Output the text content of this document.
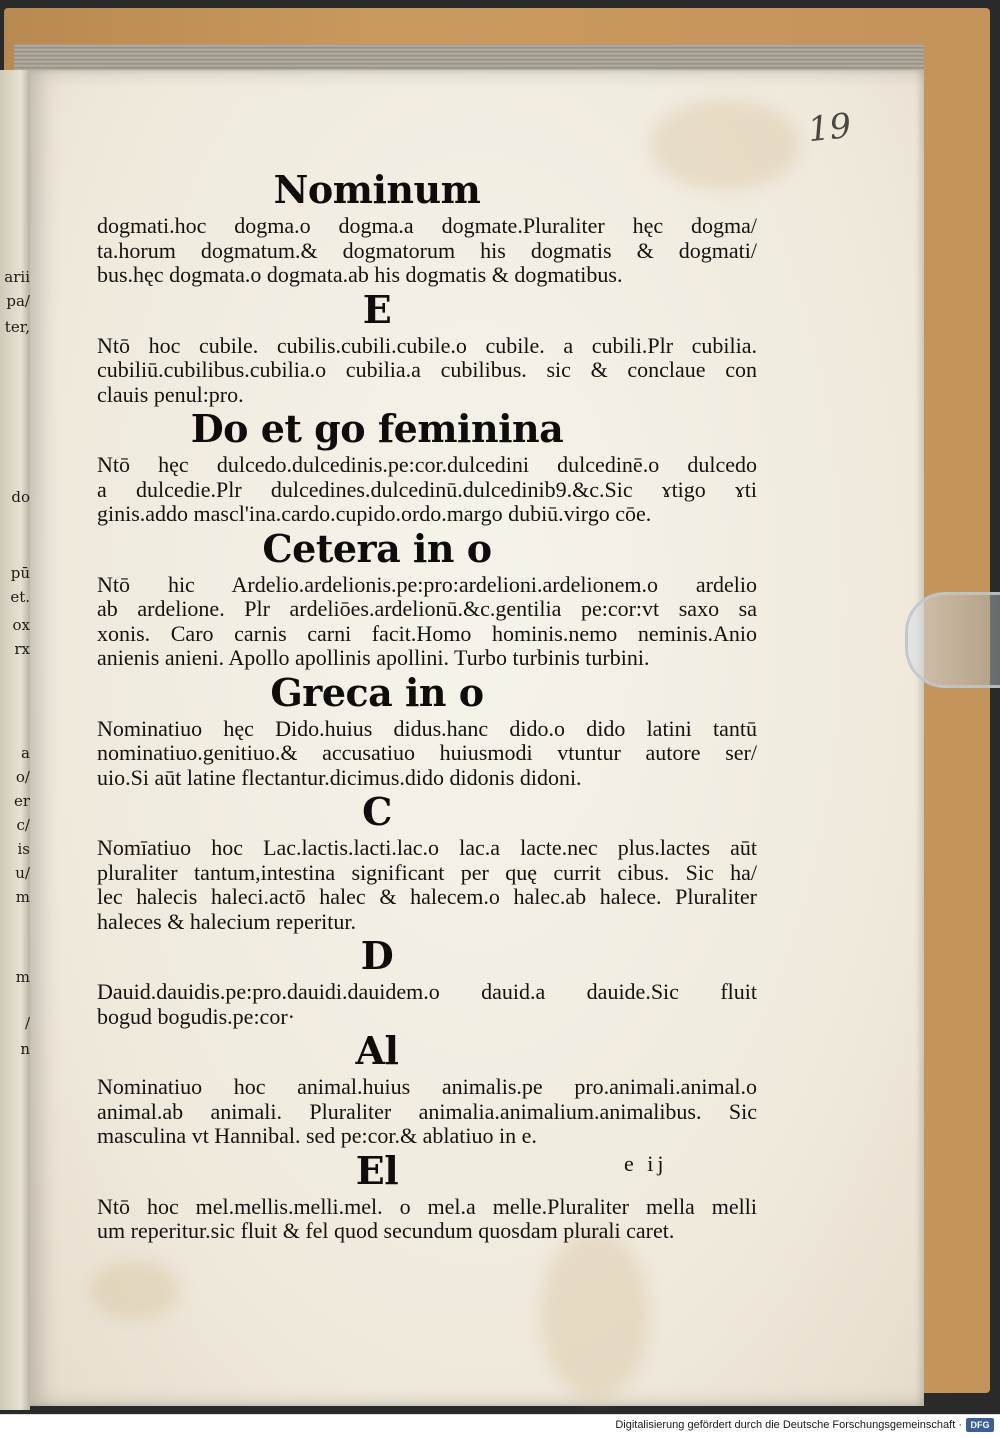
arii
pa/
ter,
do
pū
et.
ox
rx
a
o/
er
c/
is
u/
m
m
/
n
19
Nominum
dogmati.hoc dogma.o dogma.a dogmate.Pluraliter hęc dogma/
ta.horum dogmatum.& dogmatorum his dogmatis & dogmati/
bus.hęc dogmata.o dogmata.ab his dogmatis & dogmatibus.
E
Ntō hoc cubile. cubilis.cubili.cubile.o cubile. a cubili.Plr cubilia.
cubiliū.cubilibus.cubilia.o cubilia.a cubilibus. sic & conclaue con
clauis penul:pro.
Do et go feminina
Ntō hęc dulcedo.dulcedinis.pe:cor.dulcedini dulcedinē.o dulcedo
a dulcedie.Plr dulcedines.dulcedinū.dulcedinib9.&c.Sic ɤtigo ɤti
ginis.addo mascl'ina.cardo.cupido.ordo.margo dubiū.virgo cōe.
Cetera in o
Ntō hic Ardelio.ardelionis.pe:pro:ardelioni.ardelionem.o ardelio
ab ardelione. Plr ardeliōes.ardelionū.&c.gentilia pe:cor:vt saxo sa
xonis. Caro carnis carni facit.Homo hominis.nemo neminis.Anio
anienis anieni. Apollo apollinis apollini. Turbo turbinis turbini.
Greca in o
Nominatiuo hęc Dido.huius didus.hanc dido.o dido latini tantū
nominatiuo.genitiuo.& accusatiuo huiusmodi vtuntur autore ser/
uio.Si aūt latine flectantur.dicimus.dido didonis didoni.
C
Nomīatiuo hoc Lac.lactis.lacti.lac.o lac.a lacte.nec plus.lactes aūt
pluraliter tantum,intestina significant per quę currit cibus. Sic ha/
lec halecis haleci.actō halec & halecem.o halec.ab halece. Pluraliter
haleces & halecium reperitur.
D
Dauid.dauidis.pe:pro.dauidi.dauidem.o dauid.a dauide.Sic fluit
bogud bogudis.pe:cor·
Al
Nominatiuo hoc animal.huius animalis.pe pro.animali.animal.o
animal.ab animali. Pluraliter animalia.animalium.animalibus. Sic
masculina vt Hannibal. sed pe:cor.& ablatiuo in e.
El
Ntō hoc mel.mellis.melli.mel. o mel.a melle.Pluraliter mella melli
um reperitur.sic fluit & fel quod secundum quosdam plurali caret.
e ij
Digitalisierung gefördert durch die Deutsche Forschungsgemeinschaft · DFG
